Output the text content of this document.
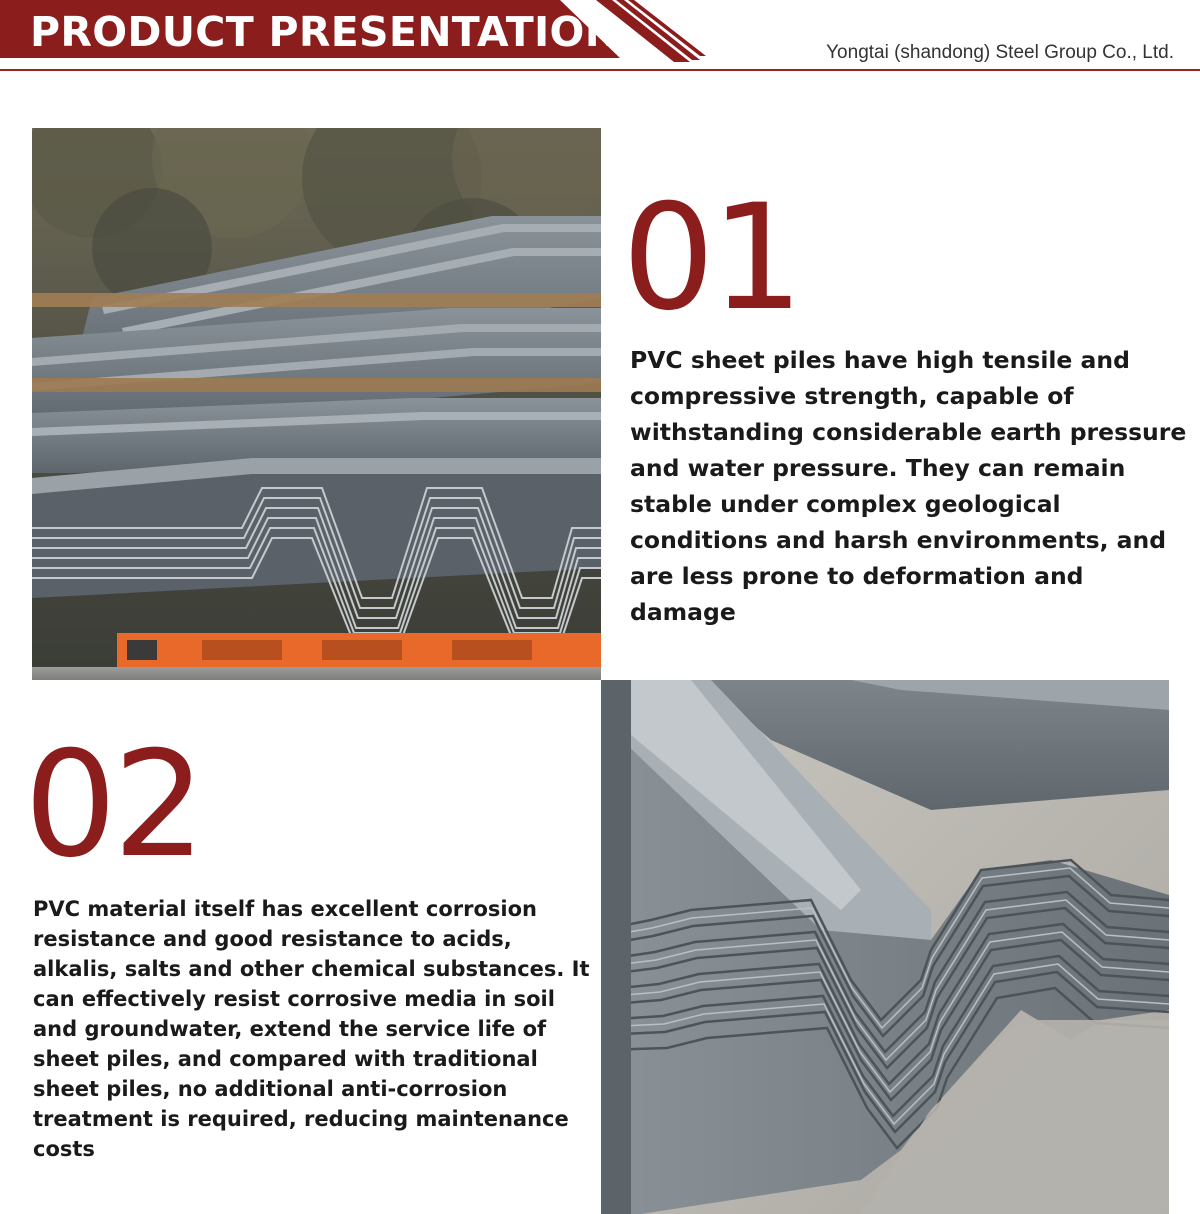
PRODUCT PRESENTATION	Yongtai (shandong) Steel Group Co., Ltd.
01
PVC sheet piles have high tensile and compressive strength, capable of withstanding considerable earth pressure and water pressure. They can remain stable under complex geological conditions and harsh environments, and are less prone to deformation and damage
02
PVC material itself has excellent corrosion resistance and good resistance to acids, alkalis, salts and other chemical substances. It can effectively resist corrosive media in soil and groundwater, extend the service life of sheet piles, and compared with traditional sheet piles, no additional anti-corrosion treatment is required, reducing maintenance costs
